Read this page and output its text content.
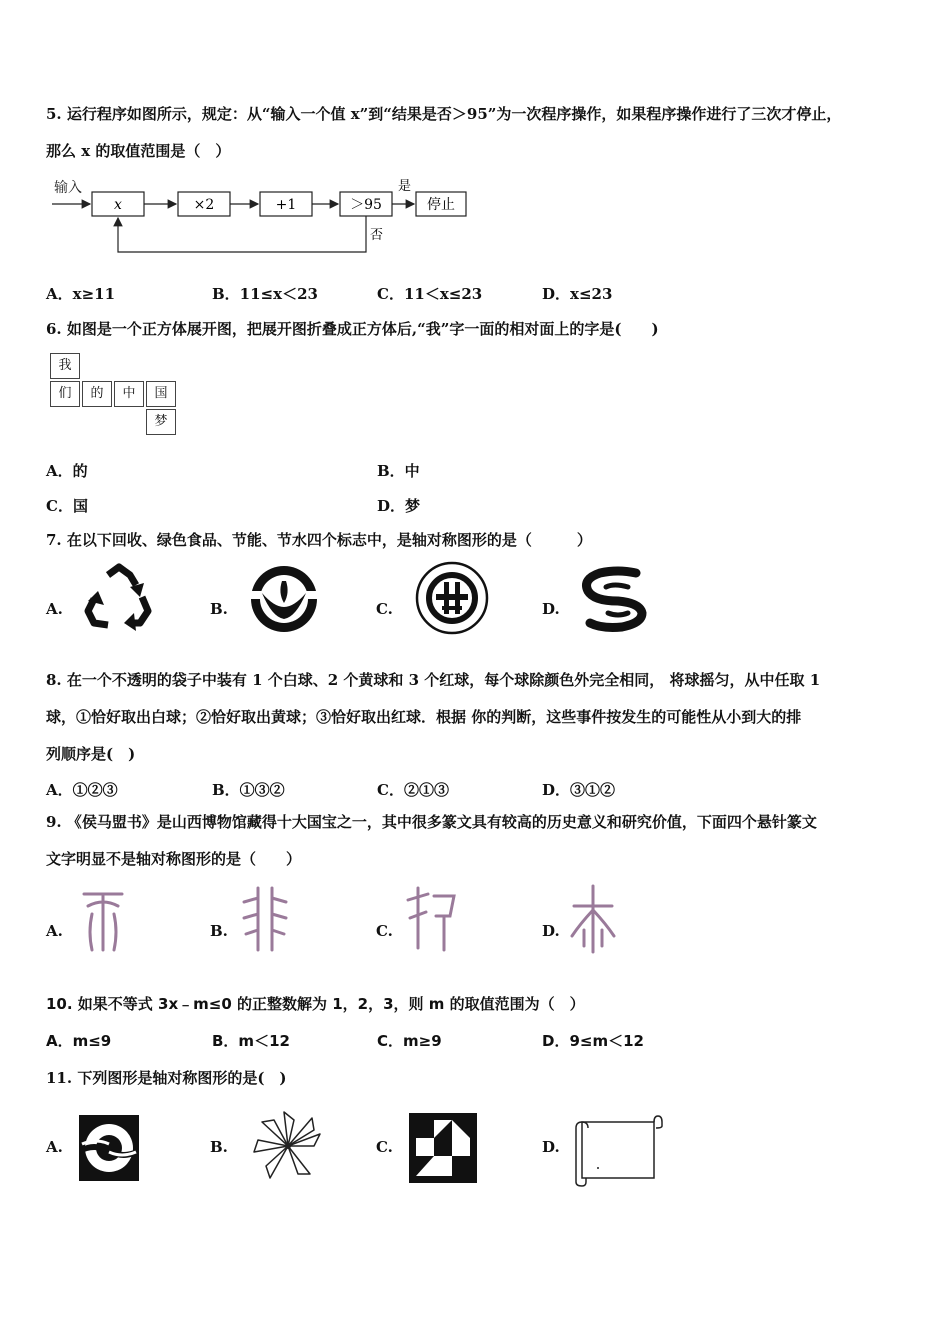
5. 运行程序如图所示，规定：从“输入一个值 x”到“结果是否＞95”为一次程序操作，如果程序操作进行了三次才停止，
那么 x 的取值范围是（　）
输入
x	×2	+1	＞95
是
停止
否
A．x≥11	B．11≤x＜23	C．11＜x≤23	D．x≤23
6. 如图是一个正方体展开图，把展开图折叠成正方体后,“我”字一面的相对面上的字是(　　)
我
们	的	中	国
梦
A．的	B．中
C．国	D．梦
7. 在以下回收、绿色食品、节能、节水四个标志中，是轴对称图形的是（　　　）
A.	B.	C.	D.
8. 在一个不透明的袋子中装有 1 个白球、2 个黄球和 3 个红球，每个球除颜色外完全相同， 将球摇匀，从中任取 1
球，①恰好取出白球；②恰好取出黄球；③恰好取出红球．根据 你的判断，这些事件按发生的可能性从小到大的排
列顺序是(　)
A．①②③	B．①③②	C．②①③	D．③①②
9. 《侯马盟书》是山西博物馆藏得十大国宝之一，其中很多篆文具有较高的历史意义和研究价值，下面四个悬针篆文
文字明显不是轴对称图形的是（　　）
A.	B.	C.	D.
10. 如果不等式 3x﹣m≤0 的正整数解为 1，2，3，则 m 的取值范围为（　）
A．m≤9	B．m＜12	C．m≥9	D．9≤m＜12
11. 下列图形是轴对称图形的是(　)
A.	B.	C.	D.
